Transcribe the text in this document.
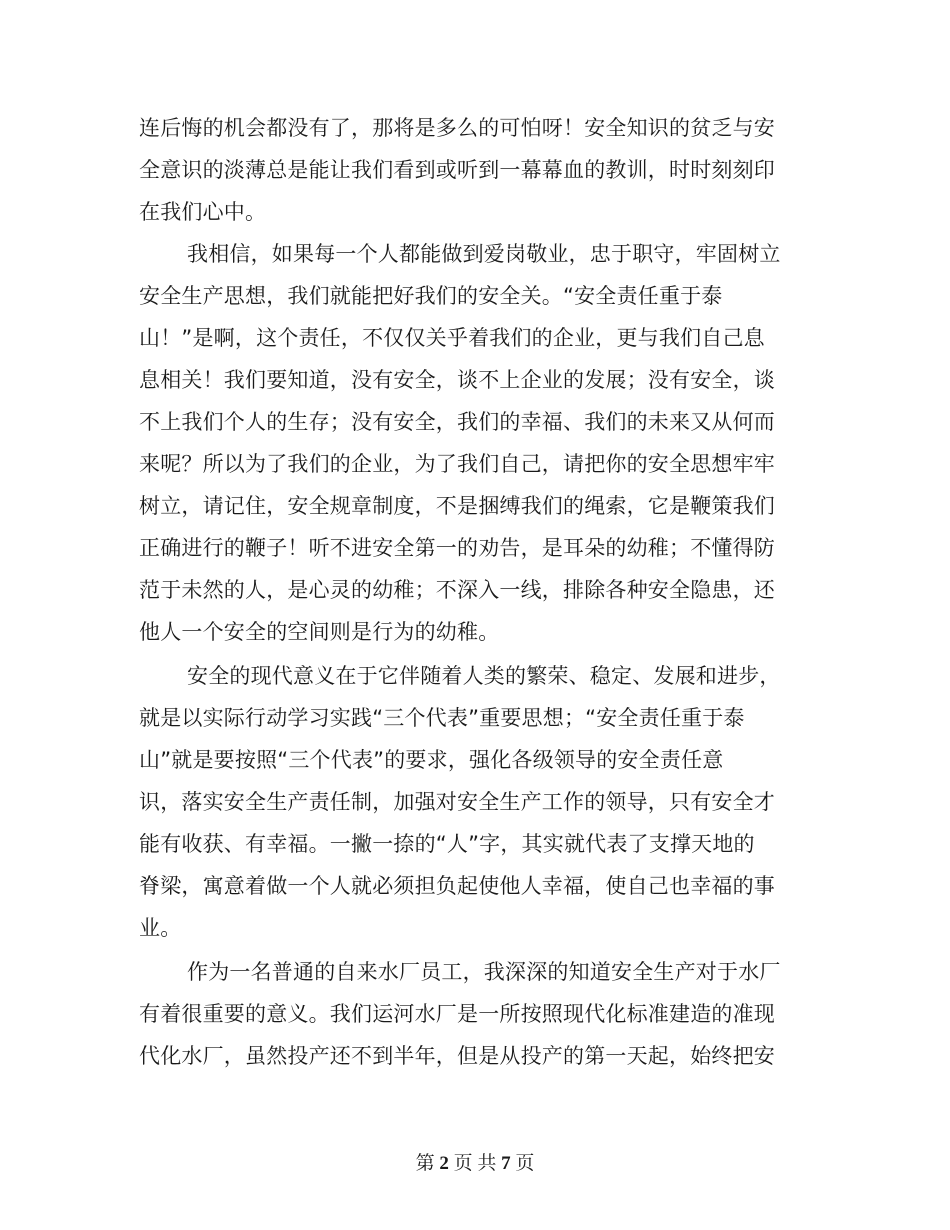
连后悔的机会都没有了，那将是多么的可怕呀！安全知识的贫乏与安
全意识的淡薄总是能让我们看到或听到一幕幕血的教训，时时刻刻印
在我们心中。
我相信，如果每一个人都能做到爱岗敬业，忠于职守，牢固树立
安全生产思想，我们就能把好我们的安全关。“安全责任重于泰
山！”是啊，这个责任，不仅仅关乎着我们的企业，更与我们自己息
息相关！我们要知道，没有安全，谈不上企业的发展；没有安全，谈
不上我们个人的生存；没有安全，我们的幸福、我们的未来又从何而
来呢？所以为了我们的企业，为了我们自己，请把你的安全思想牢牢
树立，请记住，安全规章制度，不是捆缚我们的绳索，它是鞭策我们
正确进行的鞭子！听不进安全第一的劝告，是耳朵的幼稚；不懂得防
范于未然的人，是心灵的幼稚；不深入一线，排除各种安全隐患，还
他人一个安全的空间则是行为的幼稚。
安全的现代意义在于它伴随着人类的繁荣、稳定、发展和进步，
就是以实际行动学习实践“三个代表”重要思想；“安全责任重于泰
山”就是要按照“三个代表”的要求，强化各级领导的安全责任意
识，落实安全生产责任制，加强对安全生产工作的领导，只有安全才
能有收获、有幸福。一撇一捺的“人”字，其实就代表了支撑天地的
脊梁，寓意着做一个人就必须担负起使他人幸福，使自己也幸福的事
业。
作为一名普通的自来水厂员工，我深深的知道安全生产对于水厂
有着很重要的意义。我们运河水厂是一所按照现代化标准建造的准现
代化水厂，虽然投产还不到半年，但是从投产的第一天起，始终把安
第 2 页 共 7 页
